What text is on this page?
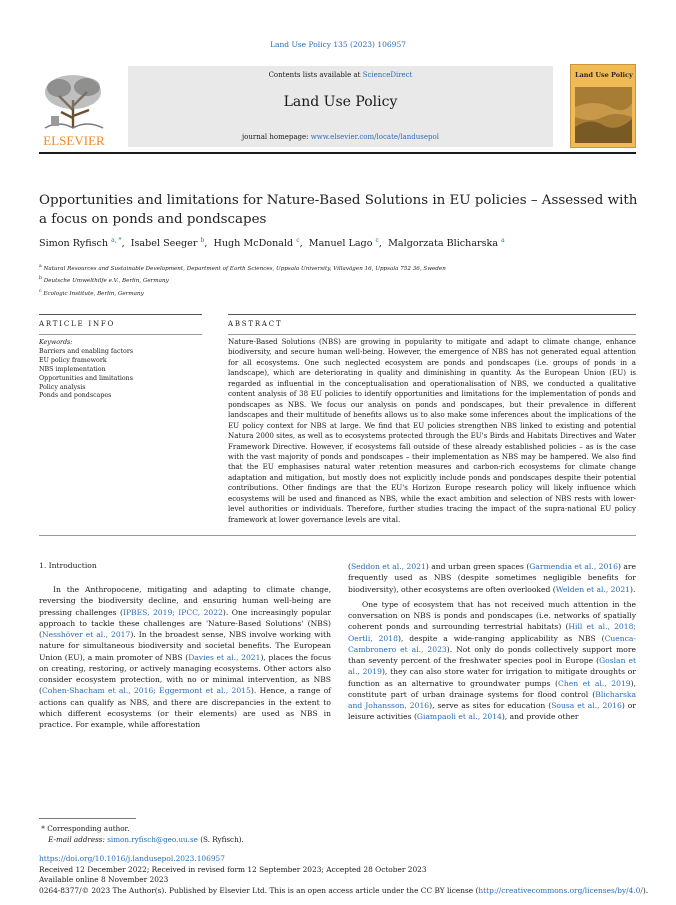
Land Use Policy 135 (2023) 106957
ELSEVIER
Contents lists available at ScienceDirect
Land Use Policy
journal homepage: www.elsevier.com/locate/landusepol
Land Use Policy
Opportunities and limitations for Nature-Based Solutions in EU policies – Assessed with a focus on ponds and pondscapes
Simon Ryfisch $^{a, *}$,  Isabel Seeger $^b$,  Hugh McDonald $^c$,  Manuel Lago $^c$,  Malgorzata Blicharska $^a$
$^a$ Natural Resources and Sustainable Development, Department of Earth Sciences, Uppsala University, Villavägen 16, Uppsala 752 36, Sweden
$^b$ Deutsche Umwelthilfe e.V., Berlin, Germany
$^c$ Ecologic Institute, Berlin, Germany
ARTICLE INFO	ABSTRACT
Keywords:
Barriers and enabling factors
EU policy framework
NBS implementation
Opportunities and limitations
Policy analysis
Ponds and pondscapes
Nature-Based Solutions (NBS) are growing in popularity to mitigate and adapt to climate change, enhance biodiversity, and secure human well-being. However, the emergence of NBS has not generated equal attention for all ecosystems. One such neglected ecosystem are ponds and pondscapes (i.e. groups of ponds in a landscape), which are deteriorating in quality and diminishing in quantity. As the European Union (EU) is regarded as influential in the conceptualisation and operationalisation of NBS, we conducted a qualitative content analysis of 38 EU policies to identify opportunities and limitations for the implementation of ponds and pondscapes as NBS. We focus our analysis on ponds and pondscapes, but their prevalence in different landscapes and their multitude of benefits allows us to also make some inferences about the implications of the EU policy context for NBS at large. We find that EU policies strengthen NBS linked to existing and potential Natura 2000 sites, as well as to ecosystems protected through the EU's Birds and Habitats Directives and Water Framework Directive. However, if ecosystems fall outside of these already established policies – as is the case with the vast majority of ponds and pondscapes – their implementation as NBS may be hampered. We also find that the EU emphasises natural water retention measures and carbon-rich ecosystems for climate change adaptation and mitigation, but mostly does not explicitly include ponds and pondscapes despite their potential contributions. Other findings are that the EU's Horizon Europe research policy will likely influence which ecosystems will be used and financed as NBS, while the exact ambition and selection of NBS rests with lower-level authorities or individuals. Therefore, further studies tracing the impact of the supra-national EU policy framework at lower governance levels are vital.
1. Introduction

In the Anthropocene, mitigating and adapting to climate change, reversing the biodiversity decline, and ensuring human well-being are pressing challenges (IPBES, 2019; IPCC, 2022). One increasingly popular approach to tackle these challenges are 'Nature-Based Solutions' (NBS) (Nesshöver et al., 2017). In the broadest sense, NBS involve working with nature for simultaneous biodiversity and societal benefits. The European Union (EU), a main promoter of NBS (Davies et al., 2021), places the focus on creating, restoring, or actively managing ecosystems. Other actors also consider ecosystem protection, with no or minimal intervention, as NBS (Cohen-Shacham et al., 2016; Eggermont et al., 2015). Hence, a range of actions can qualify as NBS, and there are discrepancies in the extent to which different ecosystems (or their elements) are used as NBS in practice. For example, while afforestation

(Seddon et al., 2021) and urban green spaces (Garmendia et al., 2016) are frequently used as NBS (despite sometimes negligible benefits for biodiversity), other ecosystems are often overlooked (Welden et al., 2021).

One type of ecosystem that has not received much attention in the conversation on NBS is ponds and pondscapes (i.e. networks of spatially coherent ponds and surrounding terrestrial habitats) (Hill et al., 2018; Oertli, 2018), despite a wide-ranging applicability as NBS (Cuenca-Cambronero et al., 2023). Not only do ponds collectively support more than seventy percent of the freshwater species pool in Europe (Goslan et al., 2019), they can also store water for irrigation to mitigate droughts or function as an alternative to groundwater pumps (Chen et al., 2019), constitute part of urban drainage systems for flood control (Blicharska and Johansson, 2016), serve as sites for education (Sousa et al., 2016) or leisure activities (Giampaoli et al., 2014), and provide other

* Corresponding author.
E-mail address: simon.ryfisch@geo.uu.se (S. Ryfisch).
https://doi.org/10.1016/j.landusepol.2023.106957
Received 12 December 2022; Received in revised form 12 September 2023; Accepted 28 October 2023
Available online 8 November 2023
0264-8377/© 2023 The Author(s). Published by Elsevier Ltd. This is an open access article under the CC BY license (http://creativecommons.org/licenses/by/4.0/).
